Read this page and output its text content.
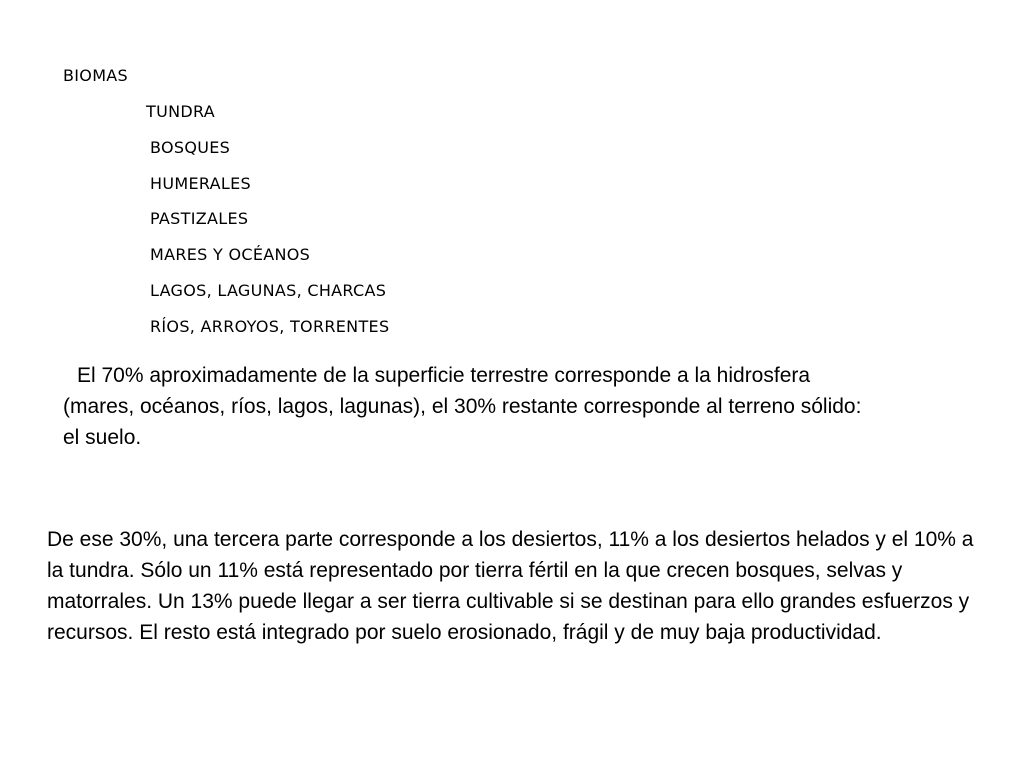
BIOMAS
TUNDRA
BOSQUES
HUMERALES
PASTIZALES
MARES Y OCÉANOS
LAGOS, LAGUNAS, CHARCAS
RÍOS, ARROYOS, TORRENTES

El 70% aproximadamente de la superficie terrestre corresponde a la hidrosfera (mares, océanos, ríos, lagos, lagunas), el 30% restante corresponde al terreno sólido: el suelo.

De ese 30%, una tercera parte corresponde a los desiertos, 11% a los desiertos helados y el 10% a la tundra. Sólo un 11% está representado por tierra fértil en la que crecen bosques, selvas y matorrales. Un 13% puede llegar a ser tierra cultivable si se destinan para ello grandes esfuerzos y recursos. El resto está integrado por suelo erosionado, frágil y de muy baja productividad.
